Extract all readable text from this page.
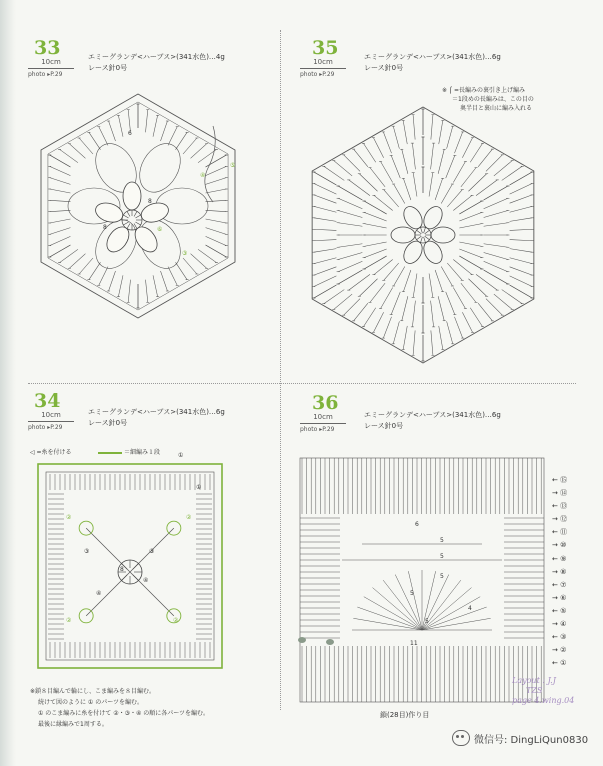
33
10cm
photo ▸P.29
エミーグランデ<ハーブス>(341水色)…4g
レース針0号
6
8
8
④
⑤
③
⑥
35
10cm
photo ▸P.29
エミーグランデ<ハーブス>(341水色)…6g
レース針0号
※ ⌠ =長編みの裏引き上げ編み
＝1段めの長編みは、この目の
奥半目と裏山に編み入れる
34
10cm
photo ▸P.29
エミーグランデ<ハーブス>(341水色)…6g
レース針0号
◁ =糸を付ける	＝細編み１段
②	②
②	②
③	③
④
④
8
①
①
※鎖８目編んで輪にし、こま編みを８目編む。
続けて図のように ① のパーツを編む。
① のこま編みに糸を付けて ②・③・④ の順に各パーツを編む。
最後に縁編みで1周する。
36
10cm
photo ▸P.29
エミーグランデ<ハーブス>(341水色)…6g
レース針0号
6
5
5
5
4
5
5
11
← ⑮
→ ⑭
← ⑬
→ ⑫
← ⑪
→ ⑩
← ⑨
→ ⑧
← ⑦
→ ⑥
← ⑤
→ ④
← ③
→ ②
← ①
鎖(28目)作り目
Layout : J.J
TZS
page 4.wing.04
微信号: DingLiQun0830
